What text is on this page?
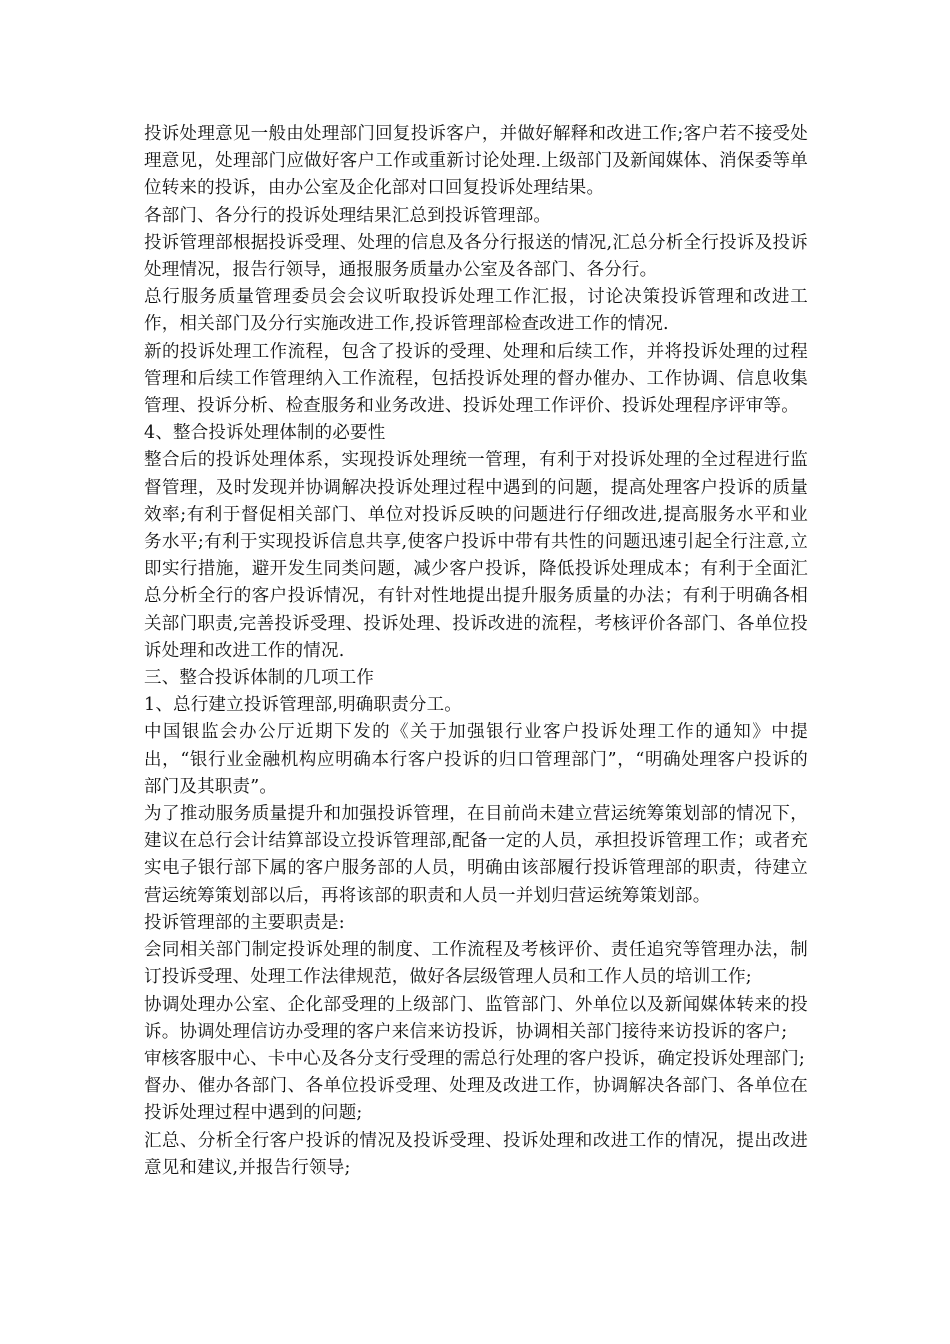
投诉处理意见一般由处理部门回复投诉客户，并做好解释和改进工作;客户若不接受处理意见，处理部门应做好客户工作或重新讨论处理.上级部门及新闻媒体、消保委等单位转来的投诉，由办公室及企化部对口回复投诉处理结果。

各部门、各分行的投诉处理结果汇总到投诉管理部。

投诉管理部根据投诉受理、处理的信息及各分行报送的情况,汇总分析全行投诉及投诉处理情况，报告行领导，通报服务质量办公室及各部门、各分行。

总行服务质量管理委员会会议听取投诉处理工作汇报，讨论决策投诉管理和改进工作，相关部门及分行实施改进工作,投诉管理部检查改进工作的情况.

新的投诉处理工作流程，包含了投诉的受理、处理和后续工作，并将投诉处理的过程管理和后续工作管理纳入工作流程，包括投诉处理的督办催办、工作协调、信息收集管理、投诉分析、检查服务和业务改进、投诉处理工作评价、投诉处理程序评审等。

4、整合投诉处理体制的必要性

整合后的投诉处理体系，实现投诉处理统一管理，有利于对投诉处理的全过程进行监督管理，及时发现并协调解决投诉处理过程中遇到的问题，提高处理客户投诉的质量效率;有利于督促相关部门、单位对投诉反映的问题进行仔细改进,提高服务水平和业务水平;有利于实现投诉信息共享,使客户投诉中带有共性的问题迅速引起全行注意,立即实行措施，避开发生同类问题，减少客户投诉，降低投诉处理成本；有利于全面汇总分析全行的客户投诉情况，有针对性地提出提升服务质量的办法；有利于明确各相关部门职责,完善投诉受理、投诉处理、投诉改进的流程，考核评价各部门、各单位投诉处理和改进工作的情况.

三、整合投诉体制的几项工作

1、总行建立投诉管理部,明确职责分工。

中国银监会办公厅近期下发的《关于加强银行业客户投诉处理工作的通知》中提出，“银行业金融机构应明确本行客户投诉的归口管理部门”，“明确处理客户投诉的部门及其职责”。

为了推动服务质量提升和加强投诉管理，在目前尚未建立营运统筹策划部的情况下，建议在总行会计结算部设立投诉管理部,配备一定的人员，承担投诉管理工作；或者充实电子银行部下属的客户服务部的人员，明确由该部履行投诉管理部的职责，待建立营运统筹策划部以后，再将该部的职责和人员一并划归营运统筹策划部。

投诉管理部的主要职责是:

会同相关部门制定投诉处理的制度、工作流程及考核评价、责任追究等管理办法，制订投诉受理、处理工作法律规范，做好各层级管理人员和工作人员的培训工作;

协调处理办公室、企化部受理的上级部门、监管部门、外单位以及新闻媒体转来的投诉。协调处理信访办受理的客户来信来访投诉，协调相关部门接待来访投诉的客户;

审核客服中心、卡中心及各分支行受理的需总行处理的客户投诉，确定投诉处理部门;

督办、催办各部门、各单位投诉受理、处理及改进工作，协调解决各部门、各单位在投诉处理过程中遇到的问题;

汇总、分析全行客户投诉的情况及投诉受理、投诉处理和改进工作的情况，提出改进意见和建议,并报告行领导;
